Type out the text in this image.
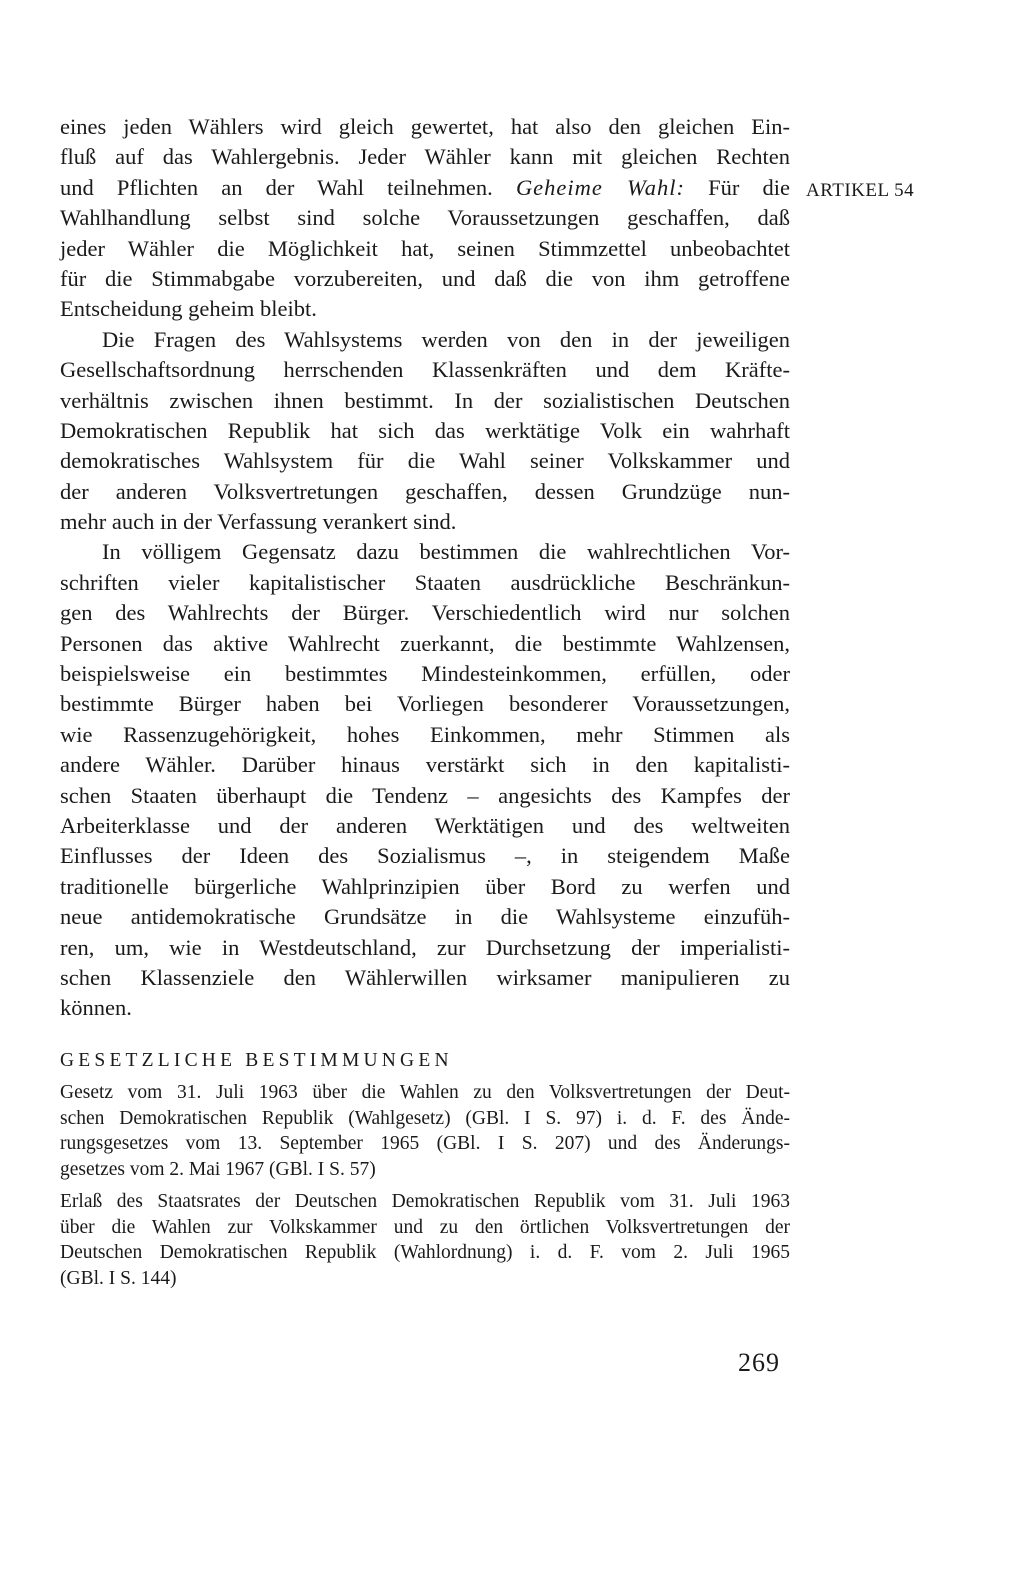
eines jeden Wählers wird gleich gewertet, hat also den gleichen Ein-
fluß auf das Wahlergebnis. Jeder Wähler kann mit gleichen Rechten
und Pflichten an der Wahl teilnehmen. Geheime Wahl: Für die
Wahlhandlung selbst sind solche Voraussetzungen geschaffen, daß
jeder Wähler die Möglichkeit hat, seinen Stimmzettel unbeobachtet
für die Stimmabgabe vorzubereiten, und daß die von ihm getroffene
Entscheidung geheim bleibt.

Die Fragen des Wahlsystems werden von den in der jeweiligen
Gesellschaftsordnung herrschenden Klassenkräften und dem Kräfte-
verhältnis zwischen ihnen bestimmt. In der sozialistischen Deutschen
Demokratischen Republik hat sich das werktätige Volk ein wahrhaft
demokratisches Wahlsystem für die Wahl seiner Volkskammer und
der anderen Volksvertretungen geschaffen, dessen Grundzüge nun-
mehr auch in der Verfassung verankert sind.

In völligem Gegensatz dazu bestimmen die wahlrechtlichen Vor-
schriften vieler kapitalistischer Staaten ausdrückliche Beschränkun-
gen des Wahlrechts der Bürger. Verschiedentlich wird nur solchen
Personen das aktive Wahlrecht zuerkannt, die bestimmte Wahlzensen,
beispielsweise ein bestimmtes Mindesteinkommen, erfüllen, oder
bestimmte Bürger haben bei Vorliegen besonderer Voraussetzungen,
wie Rassenzugehörigkeit, hohes Einkommen, mehr Stimmen als
andere Wähler. Darüber hinaus verstärkt sich in den kapitalisti-
schen Staaten überhaupt die Tendenz – angesichts des Kampfes der
Arbeiterklasse und der anderen Werktätigen und des weltweiten
Einflusses der Ideen des Sozialismus –, in steigendem Maße
traditionelle bürgerliche Wahlprinzipien über Bord zu werfen und
neue antidemokratische Grundsätze in die Wahlsysteme einzufüh-
ren, um, wie in Westdeutschland, zur Durchsetzung der imperialisti-
schen Klassenziele den Wählerwillen wirksamer manipulieren zu
können.

ARTIKEL 54
GESETZLICHE BESTIMMUNGEN
Gesetz vom 31. Juli 1963 über die Wahlen zu den Volksvertretungen der Deut-
schen Demokratischen Republik (Wahlgesetz) (GBl. I S. 97) i. d. F. des Ände-
rungsgesetzes vom 13. September 1965 (GBl. I S. 207) und des Änderungs-
gesetzes vom 2. Mai 1967 (GBl. I S. 57)
Erlaß des Staatsrates der Deutschen Demokratischen Republik vom 31. Juli 1963
über die Wahlen zur Volkskammer und zu den örtlichen Volksvertretungen der
Deutschen Demokratischen Republik (Wahlordnung) i. d. F. vom 2. Juli 1965
(GBl. I S. 144)
269
